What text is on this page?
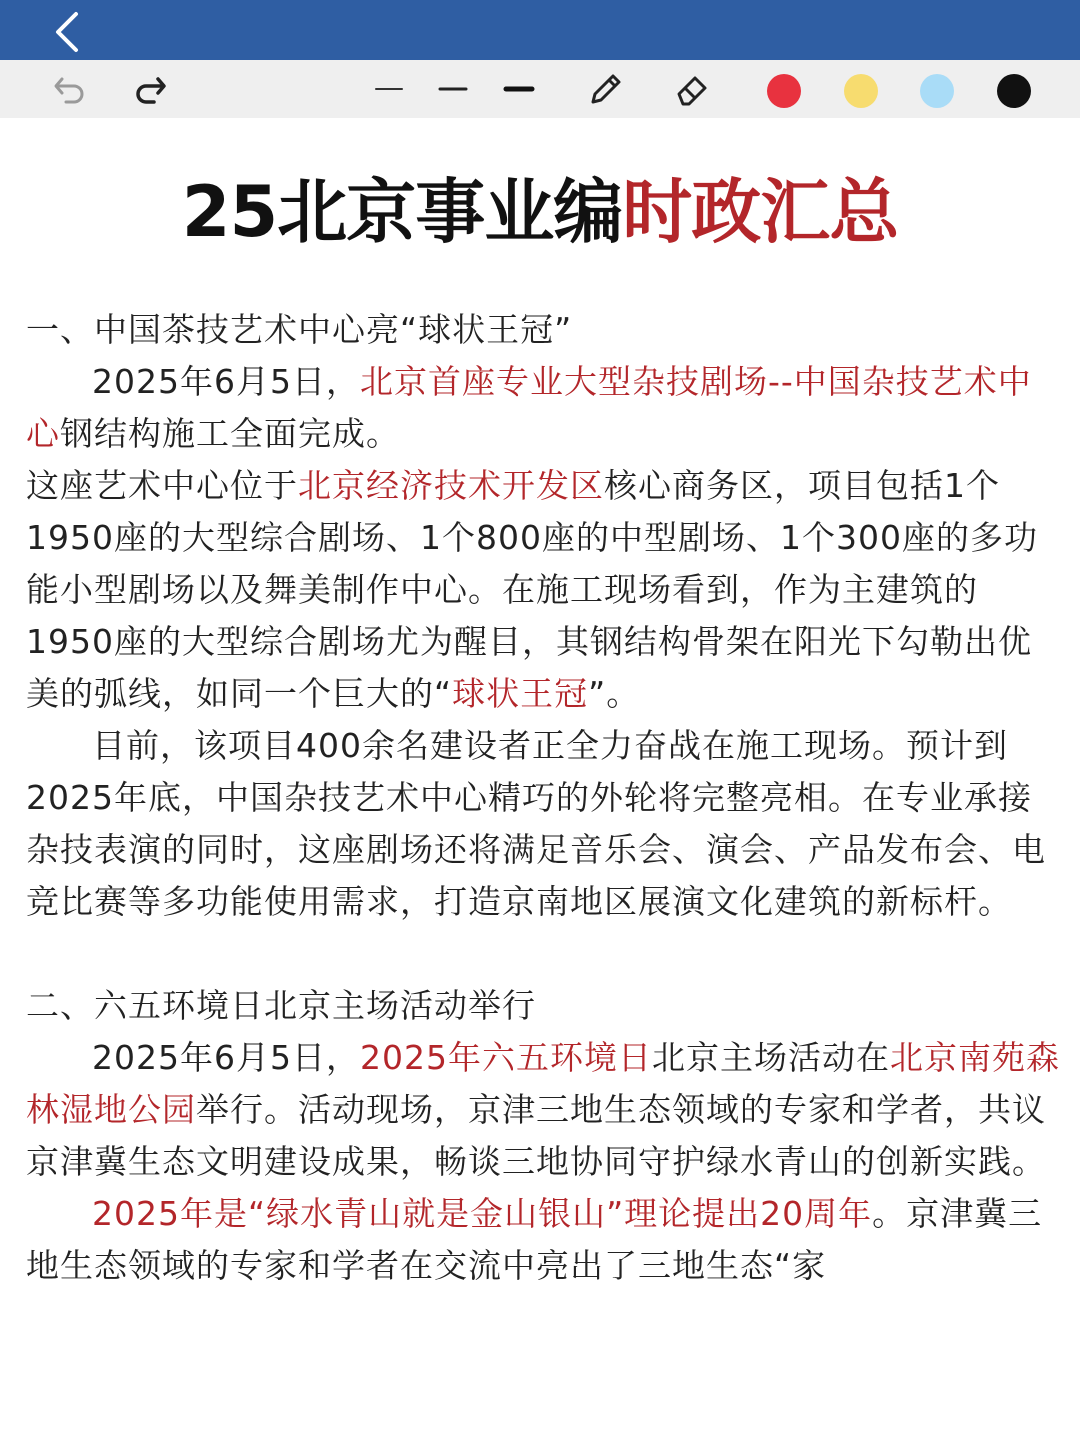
25北京事业编时政汇总

一、中国茶技艺术中心亮“球状王冠”

2025年6月5日，北京首座专业大型杂技剧场--中国杂技艺术中心钢结构施工全面完成。

这座艺术中心位于北京经济技术开发区核心商务区，项目包括1个1950座的大型综合剧场、1个800座的中型剧场、1个300座的多功能小型剧场以及舞美制作中心。在施工现场看到，作为主建筑的1950座的大型综合剧场尤为醒目，其钢结构骨架在阳光下勾勒出优美的弧线，如同一个巨大的“球状王冠”。

目前，该项目400余名建设者正全力奋战在施工现场。预计到2025年底，中国杂技艺术中心精巧的外轮将完整亮相。在专业承接杂技表演的同时，这座剧场还将满足音乐会、演会、产品发布会、电竞比赛等多功能使用需求，打造京南地区展演文化建筑的新标杆。

二、六五环境日北京主场活动举行

2025年6月5日，2025年六五环境日北京主场活动在北京南苑森林湿地公园举行。活动现场，京津三地生态领域的专家和学者，共议京津冀生态文明建设成果，畅谈三地协同守护绿水青山的创新实践。

2025年是“绿水青山就是金山银山”理论提出20周年。京津冀三地生态领域的专家和学者在交流中亮出了三地生态“家
